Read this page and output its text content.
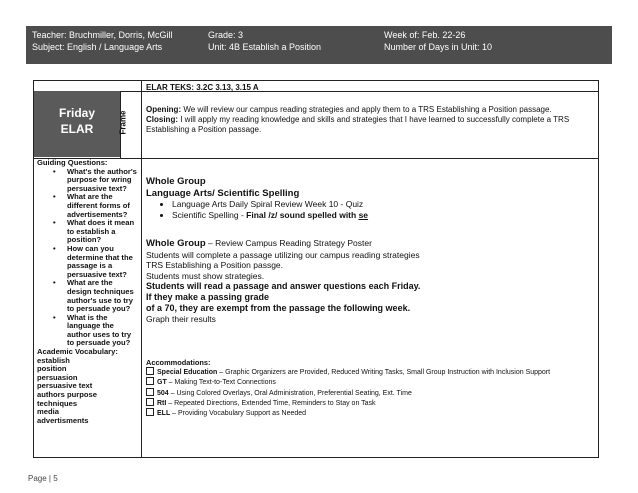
Teacher: Bruchmiller, Dorris, McGill
Subject: English / Language Arts
Grade: 3
Unit: 4B Establish a Position
Week of: Feb. 22-26
Number of Days in Unit: 10
Friday
ELAR	Frame
ELAR TEKS: 3.2C 3.13, 3.15 A
Opening: We will review our campus reading strategies and apply them to a TRS Establishing a Position passage.
Closing: I will apply my reading knowledge and skills and strategies that I have learned to successfully complete a TRS Establishing a Position passage.
Guiding Questions:
• What's the author's purpose for wring persuasive text?
• What are the different forms of advertisements?
• What does it mean to establish a position?
• How can you determine that the passage is a persuasive text?
• What are the design techniques author's use to try to persuade you?
• What is the language the author uses to try to persuade you?
Academic Vocabulary:
establish
position
persuasion
persuasive text
authors purpose
techniques
media
advertisments
Whole Group
Language Arts/ Scientific Spelling
• Language Arts Daily Spiral Review Week 10 - Quiz
• Scientific Spelling - Final /z/ sound spelled with se
Whole Group – Review Campus Reading Strategy Poster
Students will complete a passage utilizing our campus reading strategies
TRS Establishing a Position passge.
Students must show strategies.
Students will read a passage and answer questions each Friday.
If they make a passing grade
of a 70, they are exempt from the passage the following week.
Graph their results
Accommodations:
Special Education – Graphic Organizers are Provided, Reduced Writing Tasks, Small Group Instruction with Inclusion Support
GT – Making Text-to-Text Connections
504 – Using Colored Overlays, Oral Administration, Preferential Seating, Ext. Time
RtI – Repeated Directions, Extended Time, Reminders to Stay on Task
ELL – Providing Vocabulary Support as Needed
Page | 5
